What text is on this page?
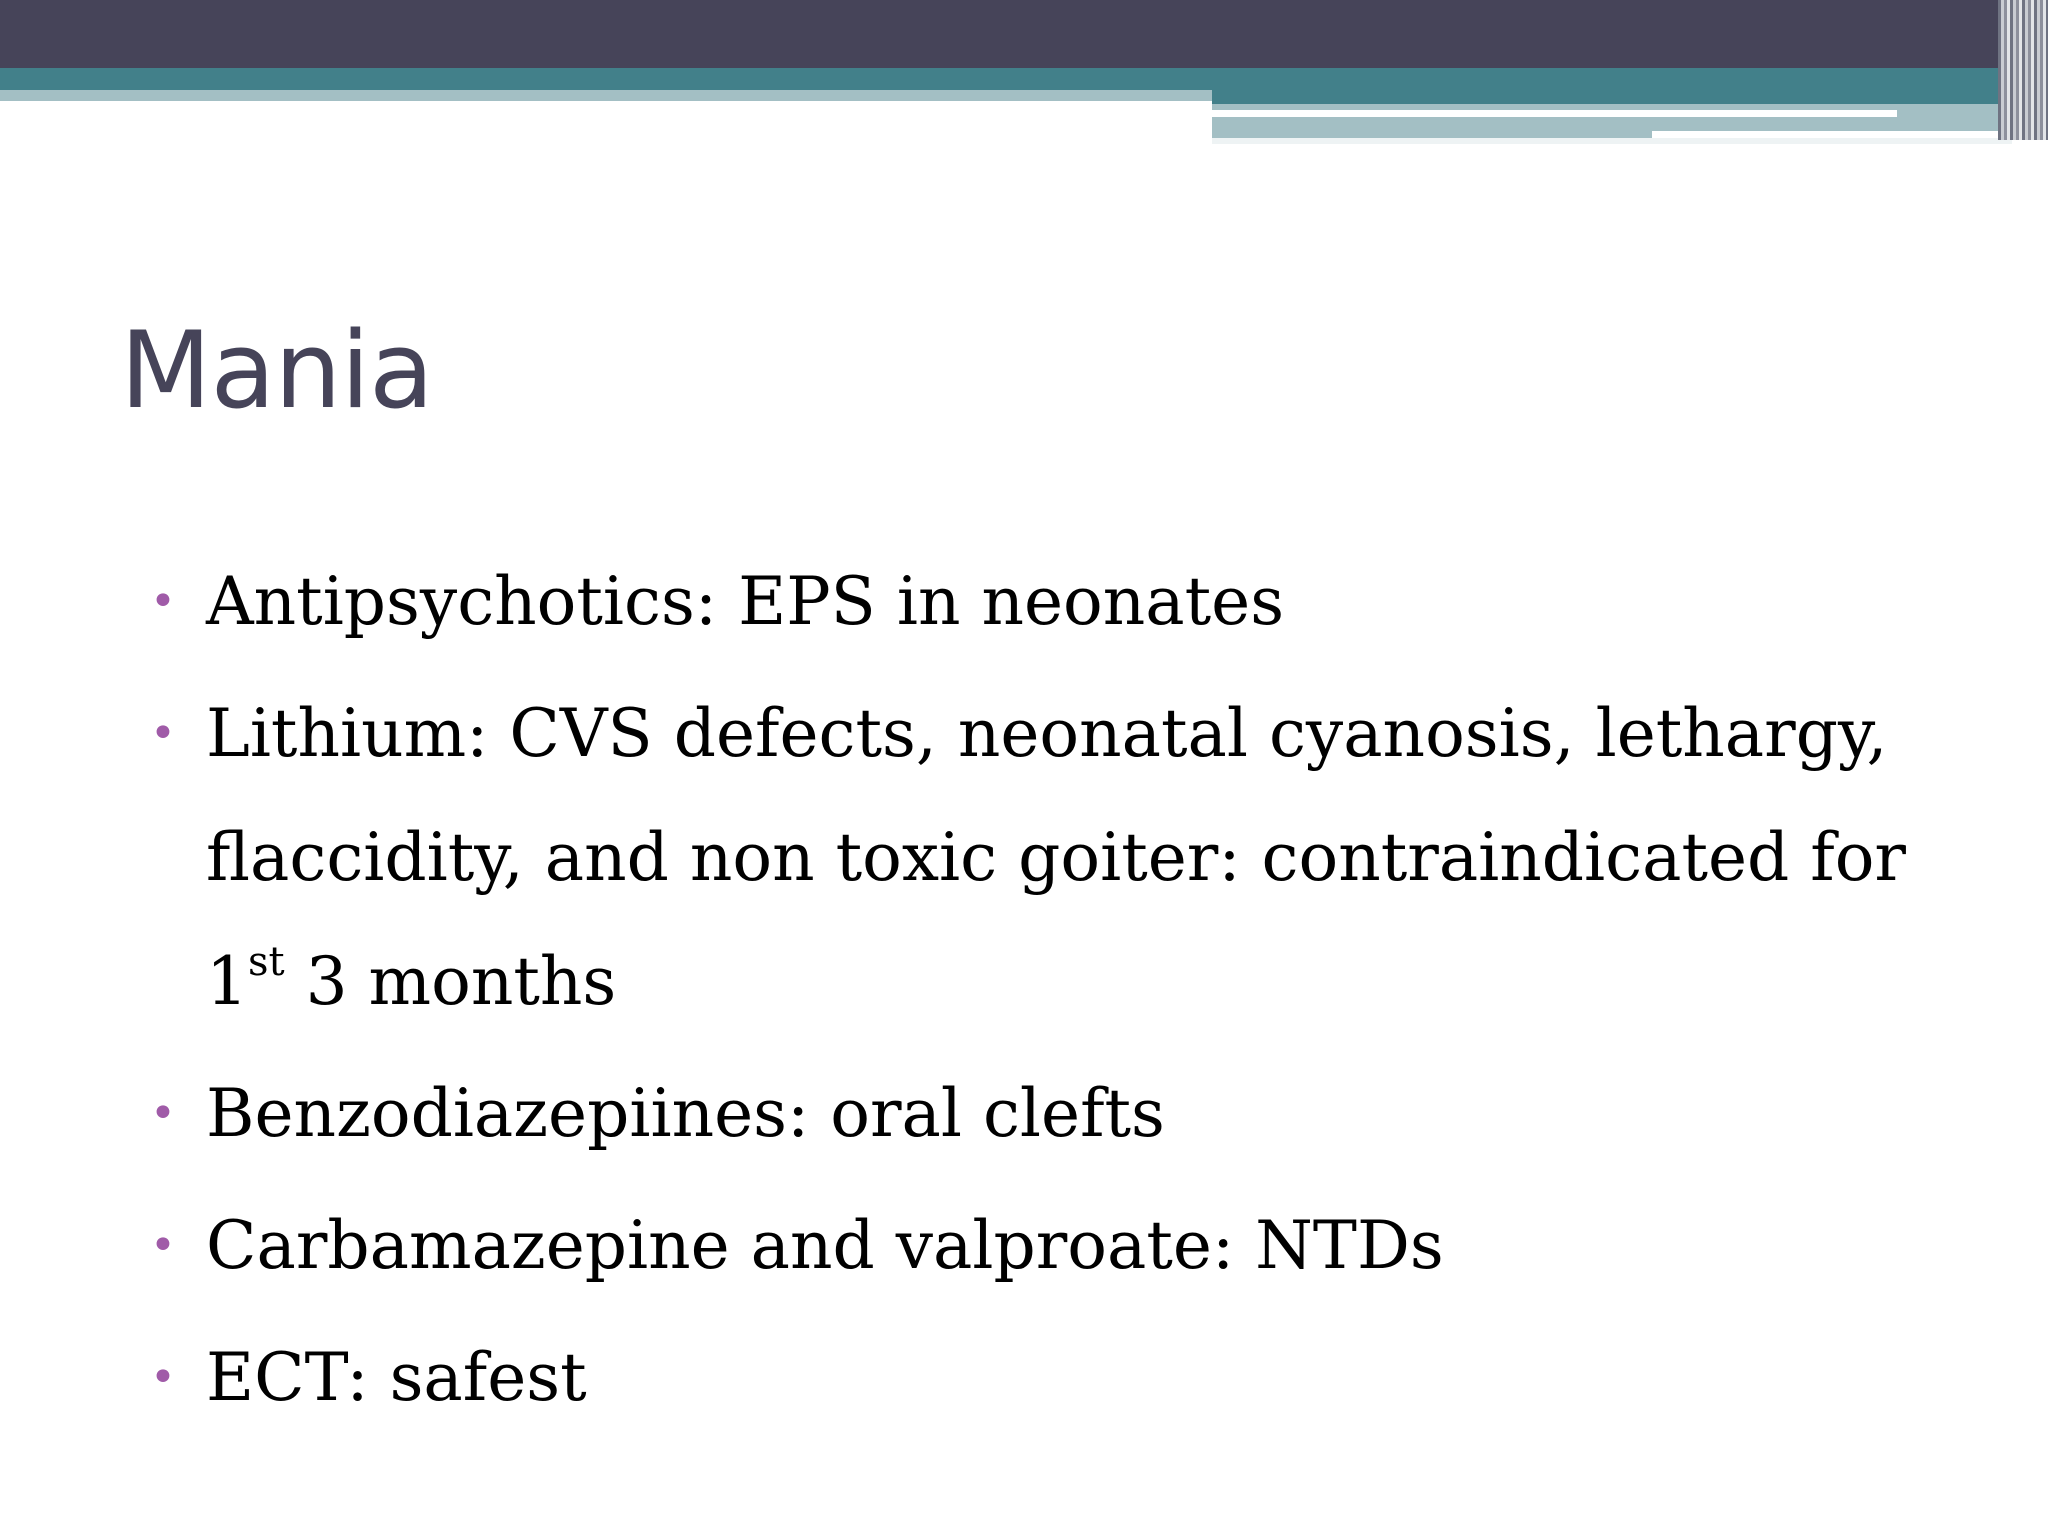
Mania
• Antipsychotics: EPS in neonates
• Lithium: CVS defects, neonatal cyanosis, lethargy, flaccidity, and non toxic goiter: contraindicated for
1st 3 months
• Benzodiazepiines: oral clefts
• Carbamazepine and valproate: NTDs
• ECT: safest
